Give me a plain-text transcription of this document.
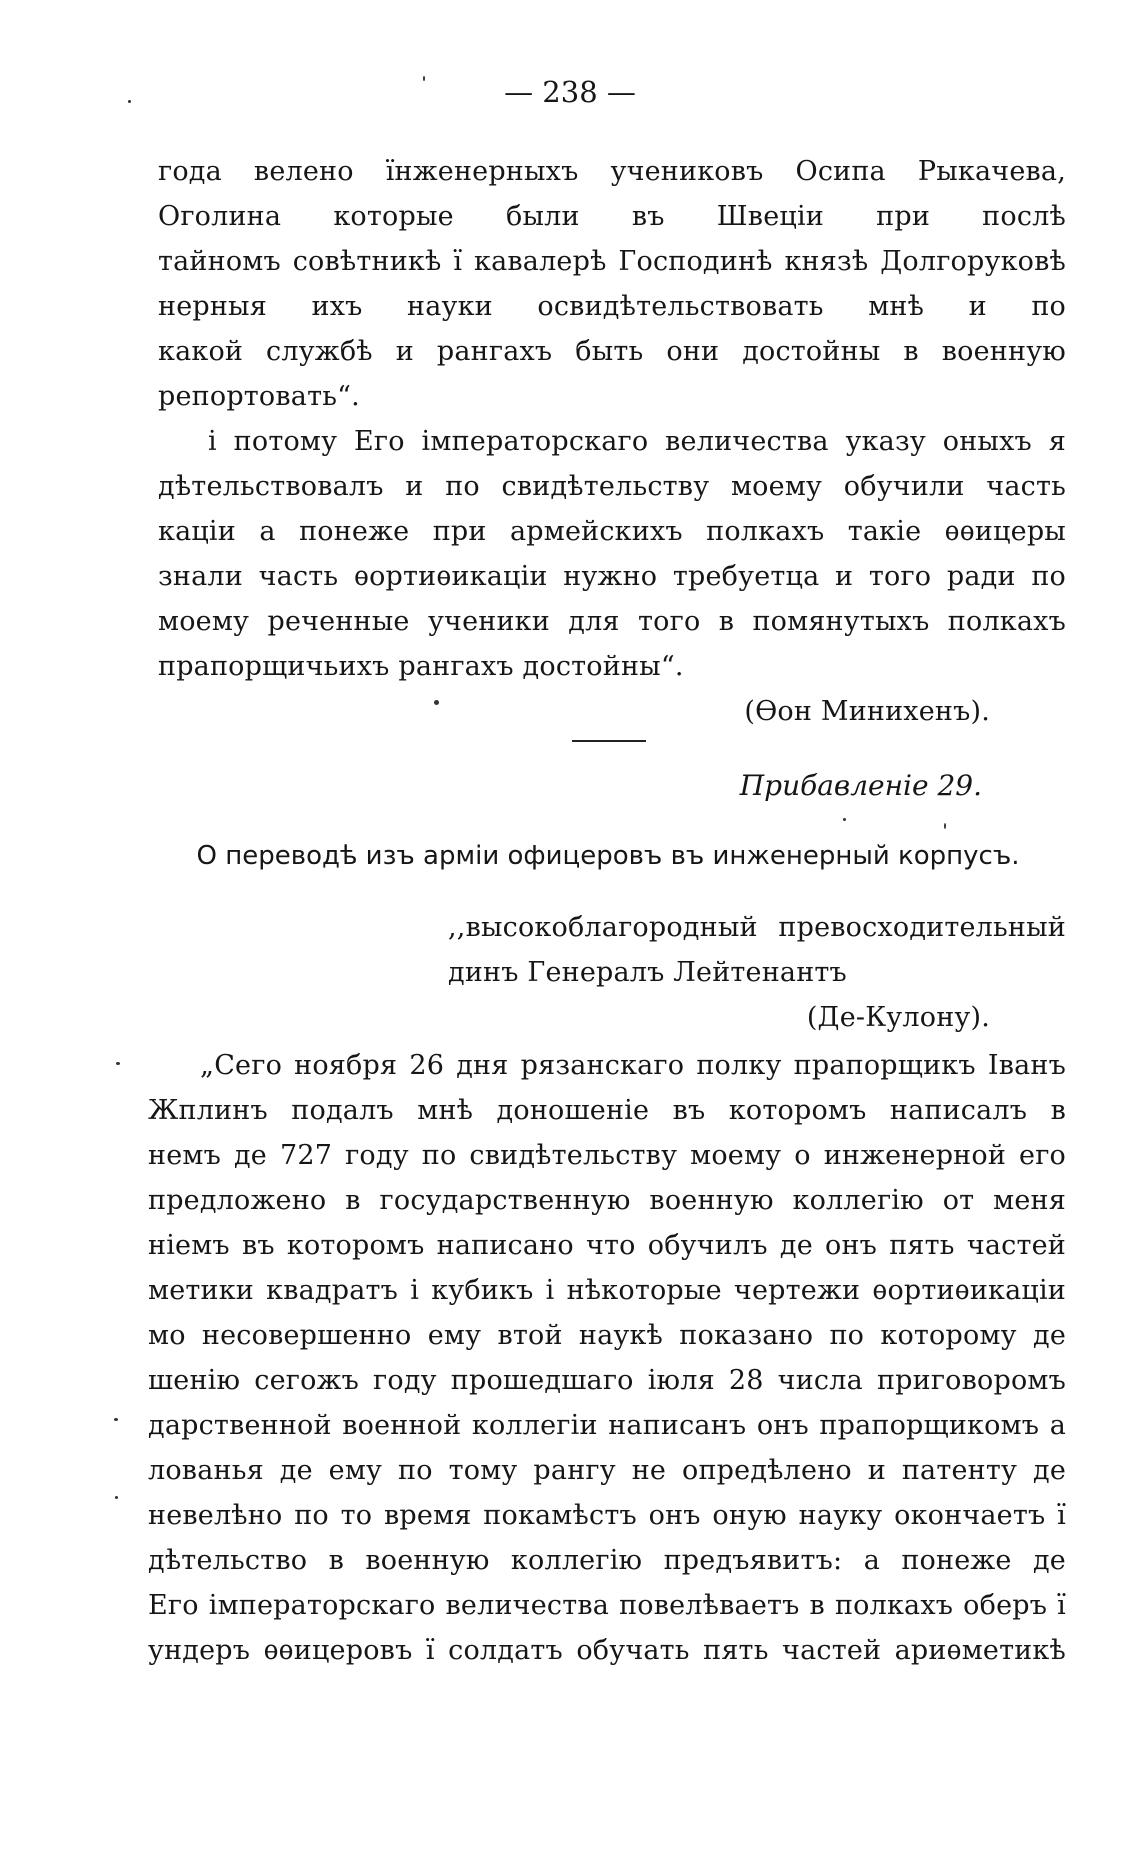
— 238 —
года велено їнженерныхъ учениковъ Осипа Рыкачева,
Оголина которые были въ Швецiи при послѣ
тайномъ совѣтникѣ ї кавалерѣ Господинѣ князѣ Долгоруковѣ
нерныя ихъ науки освидѣтельствовать мнѣ и по
какой службѣ и рангахъ быть они достойны в военную
репортовать“.
і потому Его імператорскаго величества указу оныхъ я
дѣтельствовалъ и по свидѣтельству моему обучили часть
кацiи а понеже при армейскихъ полкахъ такiе ѳѳицеры
знали часть ѳортиѳикацiи нужно требуетца и того ради по
моему реченные ученики для того в помянутыхъ полкахъ
прапорщичьихъ рангахъ достойны“.
(Ѳон Минихенъ).
Прибавленiе 29.
О переводѣ изъ армiи офицеровъ въ инженерный корпусъ.
,,высокоблагородный превосходительный
динъ Генералъ Лейтенантъ
(Де-Кулону).
„Сего ноября 26 дня рязанскаго полку прапорщикъ Іванъ
Жплинъ подалъ мнѣ доношенiе въ которомъ написалъ в
немъ де 727 году по свидѣтельству моему о инженерной его
предложено в государственную военную коллегiю от меня
нiемъ въ которомъ написано что обучилъ де онъ пять частей
метики квадратъ і кубикъ і нѣкоторые чертежи ѳортиѳикацiи
мо несовершенно ему втой наукѣ показано по которому де
шенiю сегожъ году прошедшаго iюля 28 числа приговоромъ
дарственной военной коллегiи написанъ онъ прапорщикомъ а
лованья де ему по тому рангу не опредѣлено и патенту де
невелѣно по то время покамѣстъ онъ оную науку окончаетъ ї
дѣтельство в военную коллегiю предъявитъ: а понеже де
Его імператорскаго величества повелѣваетъ в полкахъ оберъ ї
ундеръ ѳѳицеровъ ї солдатъ обучать пять частей ариѳметикѣ
